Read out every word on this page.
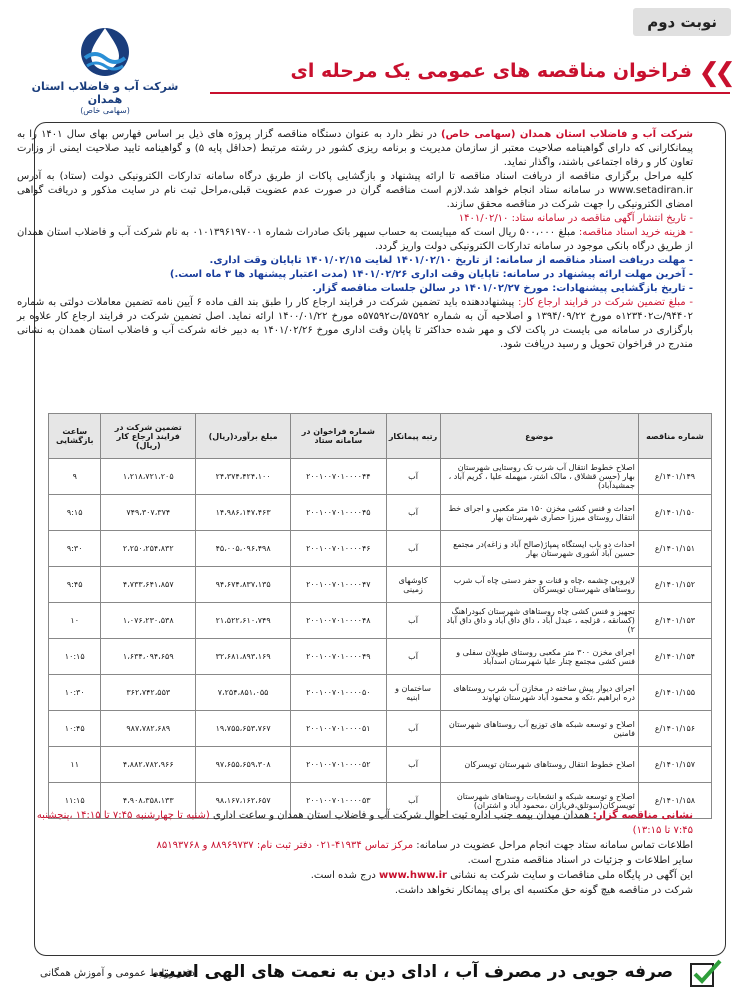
نوبت دوم
شرکت آب و فاضلاب استان همدان
(سهامی خاص)
❯❯
فراخوان مناقصه های عمومی یک مرحله ای

شرکت آب و فاضلاب استان همدان (سهامی خاص) در نظر دارد به عنوان دستگاه مناقصه گزار پروژه های ذیل بر اساس فهارس بهای سال ۱۴۰۱ را به پیمانکارانی که دارای گواهینامه صلاحیت معتبر از سازمان مدیریت و برنامه ریزی کشور در رشته مرتبط (حداقل پایه ۵) و گواهینامه تایید صلاحیت ایمنی از وزارت تعاون کار و رفاه اجتماعی باشند، واگذار نماید.

کلیه مراحل برگزاری مناقصه از دریافت اسناد مناقصه تا ارائه پیشنهاد و بازگشایی پاکات از طریق درگاه سامانه تدارکات الکترونیکی دولت (ستاد) به آدرس www.setadiran.ir در سامانه ستاد انجام خواهد شد.لازم است مناقصه گران در صورت عدم عضویت قبلی،مراحل ثبت نام در سایت مذکور و دریافت گواهی امضای الکترونیکی را جهت شرکت در مناقصه محقق سازند.

- تاریخ انتشار آگهی مناقصه در سامانه ستاد: ۱۴۰۱/۰۲/۱۰

- هزینه خرید اسناد مناقصه: مبلغ ۵۰۰،۰۰۰ ریال است که میبایست به حساب سپهر بانک صادرات شماره ۰۱۰۱۳۹۶۱۹۷۰۰۱ به نام شرکت آب و فاضلاب استان همدان از طریق درگاه بانکی موجود در سامانه تدارکات الکترونیکی دولت واریز گردد.

- مهلت دریافت اسناد مناقصه از سامانه: از تاریخ ۱۴۰۱/۰۲/۱۰ لغایت ۱۴۰۱/۰۲/۱۵ تاپایان وقت اداری.

- آخرین مهلت ارائه پیشنهاد در سامانه: تاپایان وقت اداری ۱۴۰۱/۰۲/۲۶ (مدت اعتبار پیشنهاد ها ۳ ماه است.)

- تاریخ بازگشایی پیشنهادات: مورخ ۱۴۰۱/۰۲/۲۷ در سالن جلسات مناقصه گزار.

- مبلغ تضمین شرکت در فرایند ارجاع کار: پیشنهاددهنده باید تضمین شرکت در فرایند ارجاع کار را طبق بند الف ماده ۶ آیین نامه تضمین معاملات دولتی به شماره ۹۴۴۰۲/ت۱۲۳۴۰۲ه مورخ ۱۳۹۴/۰۹/۲۲ و اصلاحیه آن به شماره ۵۷۵۹۲/ت۵۷۵۹۲ه مورخ ۱۴۰۰/۰۱/۲۲ ارائه نماید. اصل تضمین شرکت در فرایند ارجاع کار علاوه بر بارگزاری در سامانه می بایست در پاکت لاک و مهر شده حداکثر تا پایان وقت اداری مورخ ۱۴۰۱/۰۲/۲۶ به دبیر خانه شرکت آب و فاضلاب استان همدان به نشانی مندرج در فراخوان تحویل و رسید دریافت شود.

شماره مناقصه	موضوع	رتبه پیمانکار	شماره فراخوان در سامانه ستاد	مبلغ برآورد(ریال)	تضمین شرکت در فرایند ارجاع کار (ریال)	ساعت بازگشایی
۱۴۰۱/۱۴۹/ع	اصلاح خطوط انتقال آب شرب تک روستایی شهرستان بهار (حسن قشلاق ، مالک اشتر، میهمله علیا ، کریم آباد ، جمشیدآباد)	آب	۲۰۰۱۰۰۷۰۱۰۰۰۰۴۴	۲۴،۳۷۴،۴۲۴،۱۰۰	۱،۲۱۸،۷۲۱،۲۰۵	۹
۱۴۰۱/۱۵۰/ع	احداث و فنس کشی مخزن ۱۵۰ متر مکعبی و اجرای خط انتقال روستای میرزا حصاری شهرستان بهار	آب	۲۰۰۱۰۰۷۰۱۰۰۰۰۴۵	۱۴،۹۸۶،۱۴۷،۴۶۳	۷۴۹،۳۰۷،۳۷۴	۹:۱۵
۱۴۰۱/۱۵۱/ع	احداث دو باب ایستگاه پمپاژ(صالح آباد و زاغه)در مجتمع حسین آباد آشوری شهرستان بهار	آب	۲۰۰۱۰۰۷۰۱۰۰۰۰۴۶	۴۵،۰۰۵،۰۹۶،۴۹۸	۲،۲۵۰،۲۵۴،۸۳۲	۹:۳۰
۱۴۰۱/۱۵۲/ع	لایروبی چشمه ،چاه و قنات و حفر دستی چاه آب شرب روستاهای شهرستان تویسرکان	کاوشهای زمینی	۲۰۰۱۰۰۷۰۱۰۰۰۰۴۷	۹۴،۶۷۴،۸۳۷،۱۳۵	۴،۷۳۳،۶۴۱،۸۵۷	۹:۴۵
۱۴۰۱/۱۵۳/ع	تجهیز و فنس کشی چاه روستاهای شهرستان کبودراهنگ (کسانقه ، قزلجه ، عبدل آباد ، داق داق آباد و داق داق آباد ۲)	آب	۲۰۰۱۰۰۷۰۱۰۰۰۰۴۸	۲۱،۵۲۲،۶۱۰،۷۴۹	۱،۰۷۶،۲۳۰،۵۳۸	۱۰
۱۴۰۱/۱۵۴/ع	اجرای مخزن ۳۰۰ متر مکعبی روستای طویلان سفلی و فنس کشی مجتمع چنار علیا شهرستان اسدآباد	آب	۲۰۰۱۰۰۷۰۱۰۰۰۰۴۹	۳۲،۶۸۱،۸۹۳،۱۶۹	۱،۶۳۴،۰۹۴،۶۵۹	۱۰:۱۵
۱۴۰۱/۱۵۵/ع	اجرای دیوار پیش ساخته در مخازن آب شرب روستاهای دره ابراهیم ،تکه و محمود آباد شهرستان نهاوند	ساختمان و ابنیه	۲۰۰۱۰۰۷۰۱۰۰۰۰۵۰	۷،۲۵۴،۸۵۱،۰۵۵	۳۶۲،۷۴۲،۵۵۳	۱۰:۳۰
۱۴۰۱/۱۵۶/ع	اصلاح و توسعه شبکه های توزیع آب روستاهای شهرستان فامنین	آب	۲۰۰۱۰۰۷۰۱۰۰۰۰۵۱	۱۹،۷۵۵،۶۵۳،۷۶۷	۹۸۷،۷۸۲،۶۸۹	۱۰:۴۵
۱۴۰۱/۱۵۷/ع	اصلاح خطوط انتقال روستاهای شهرستان تویسرکان	آب	۲۰۰۱۰۰۷۰۱۰۰۰۰۵۲	۹۷،۶۵۵،۶۵۹،۳۰۸	۴،۸۸۲،۷۸۲،۹۶۶	۱۱
۱۴۰۱/۱۵۸/ع	اصلاح و توسعه شبکه و انشعابات روستاهای شهرستان تویسرکان(سوتلق،فریازان ،محمود آباد و اشتران)	آب	۲۰۰۱۰۰۷۰۱۰۰۰۰۵۳	۹۸،۱۶۷،۱۶۲،۶۵۷	۴،۹۰۸،۳۵۸،۱۳۳	۱۱:۱۵

نشانی مناقصه گزار: همدان میدان بیمه جنب اداره ثبت احوال شرکت آب و فاضلاب استان همدان و ساعت اداری (شنبه تا چهارشنبه ۷:۴۵ تا ۱۴:۱۵ ،پنجشنبه ۷:۴۵ تا ۱۳:۱۵)

اطلاعات تماس سامانه ستاد جهت انجام مراحل عضویت در سامانه: مرکز تماس ۴۱۹۳۴-۰۲۱ دفتر ثبت نام: ۸۸۹۶۹۷۳۷ و ۸۵۱۹۳۷۶۸

سایر اطلاعات و جزئیات در اسناد مناقصه مندرج است.

این آگهی در پایگاه ملی مناقصات و سایت شرکت به نشانی www.hww.ir درج شده است.

شرکت در مناقصه هیچ گونه حق مکتسبه ای برای پیمانکار نخواهد داشت.

صرفه جویی در مصرف آب ، ادای دین به نعمت های الهی است.
دفتر روابط عمومی و آموزش همگانی
